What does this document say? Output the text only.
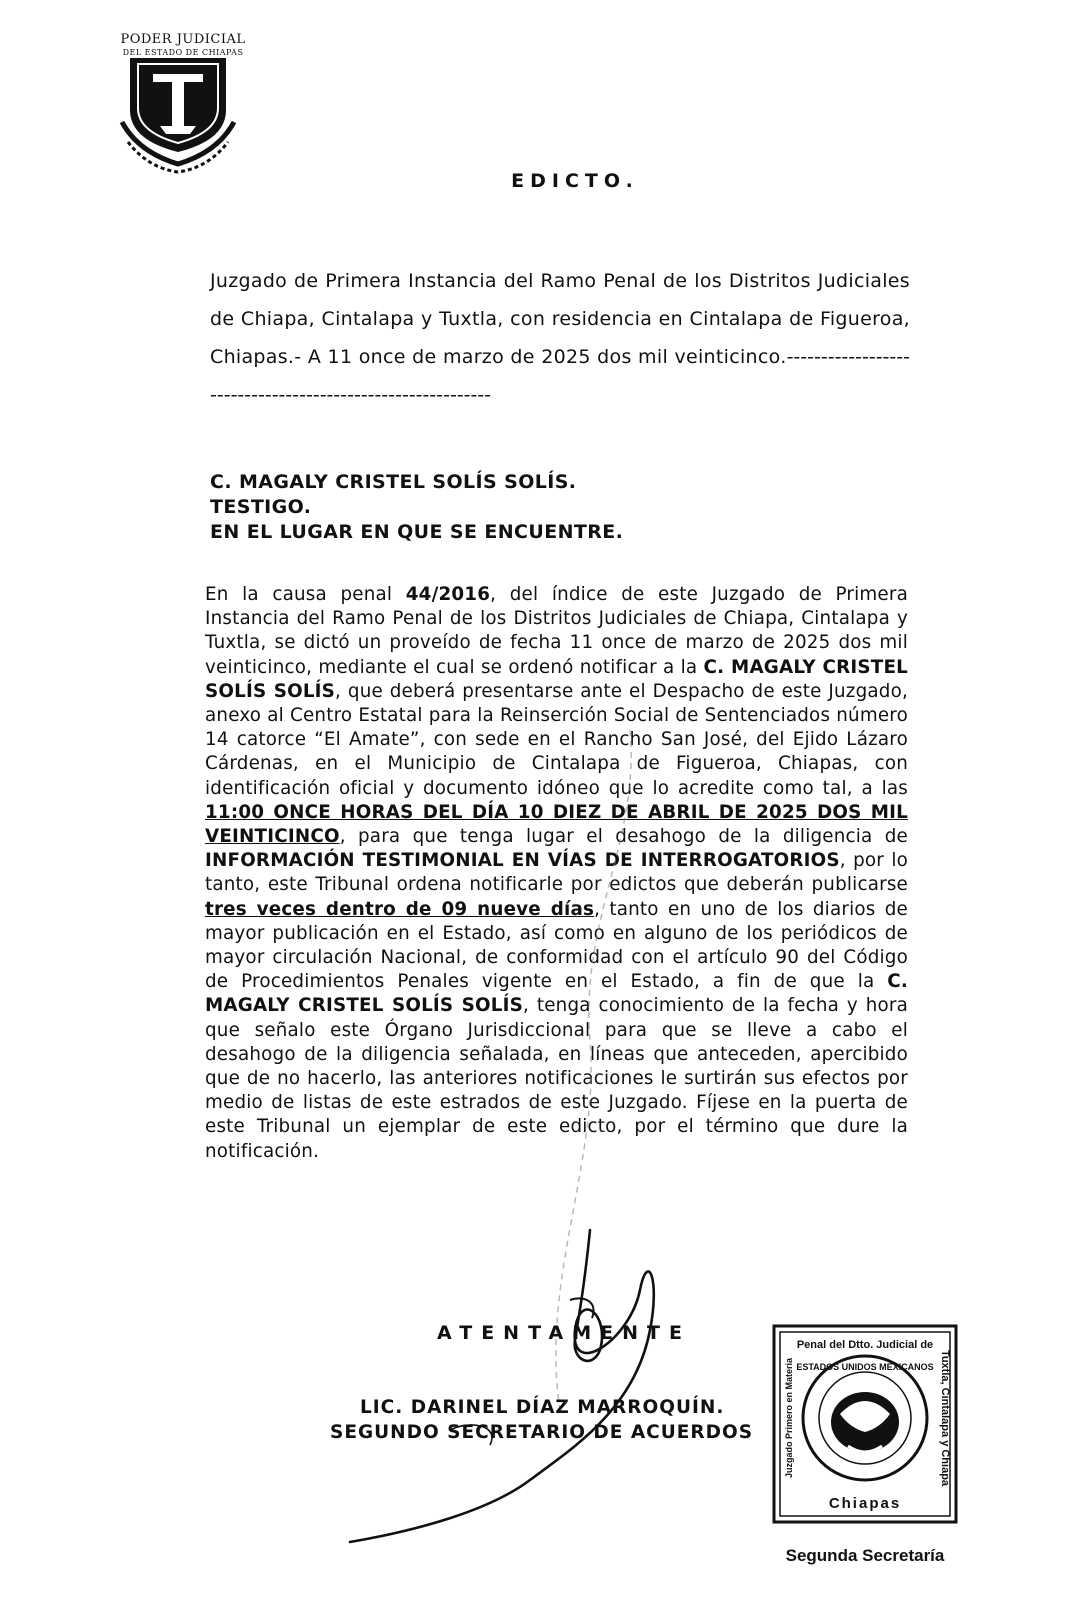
PODER JUDICIAL
DEL ESTADO DE CHIAPAS
EDICTO.
Juzgado de Primera Instancia del Ramo Penal de los Distritos Judiciales de Chiapa, Cintalapa y Tuxtla, con residencia en Cintalapa de Figueroa, Chiapas.- A 11 once de marzo de 2025 dos mil veinticinco.-----------------------------------------------------------
C. MAGALY CRISTEL SOLÍS SOLÍS.
TESTIGO.
EN EL LUGAR EN QUE SE ENCUENTRE.
En la causa penal 44/2016, del índice de este Juzgado de Primera Instancia del Ramo Penal de los Distritos Judiciales de Chiapa, Cintalapa y Tuxtla, se dictó un proveído de fecha 11 once de marzo de 2025 dos mil veinticinco, mediante el cual se ordenó notificar a la C. MAGALY CRISTEL SOLÍS SOLÍS, que deberá presentarse ante el Despacho de este Juzgado, anexo al Centro Estatal para la Reinserción Social de Sentenciados número 14 catorce “El Amate”, con sede en el Rancho San José, del Ejido Lázaro Cárdenas, en el Municipio de Cintalapa de Figueroa, Chiapas, con identificación oficial y documento idóneo que lo acredite como tal, a las 11:00 ONCE HORAS DEL DÍA 10 DIEZ DE ABRIL DE 2025 DOS MIL VEINTICINCO, para que tenga lugar el desahogo de la diligencia de INFORMACIÓN TESTIMONIAL EN VÍAS DE INTERROGATORIOS, por lo tanto, este Tribunal ordena notificarle por edictos que deberán publicarse tres veces dentro de 09 nueve días, tanto en uno de los diarios de mayor publicación en el Estado, así como en alguno de los periódicos de mayor circulación Nacional, de conformidad con el artículo 90 del Código de Procedimientos Penales vigente en el Estado, a fin de que la C. MAGALY CRISTEL SOLÍS SOLÍS, tenga conocimiento de la fecha y hora que señalo este Órgano Jurisdiccional para que se lleve a cabo el desahogo de la diligencia señalada, en líneas que anteceden, apercibido que de no hacerlo, las anteriores notificaciones le surtirán sus efectos por medio de listas de este estrados de este Juzgado. Fíjese en la puerta de este Tribunal un ejemplar de este edicto, por el término que dure la notificación.
ATENTAMENTE
LIC. DARINEL DÍAZ MARROQUÍN.
SEGUNDO SECRETARIO DE ACUERDOS
Penal del Dtto. Judicial de
ESTADOS UNIDOS MEXICANOS Tuxtla, Cintalapa y Chiapa
Juzgado Primero en Materia
Chiapas
Segunda Secretaría
